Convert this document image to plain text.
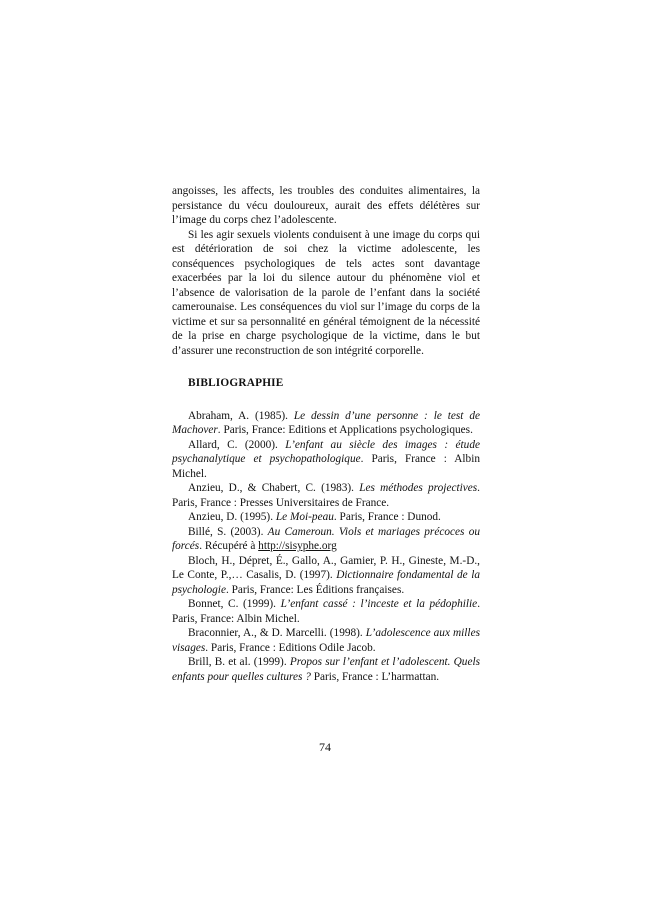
angoisses, les affects, les troubles des conduites alimentaires, la persistance du vécu douloureux, aurait des effets délétères sur l’image du corps chez l’adolescente.

Si les agir sexuels violents conduisent à une image du corps qui est détérioration de soi chez la victime adolescente, les conséquences psychologiques de tels actes sont davantage exacerbées par la loi du silence autour du phénomène viol et l’absence de valorisation de la parole de l’enfant dans la société camerounaise. Les conséquences du viol sur l’image du corps de la victime et sur sa personnalité en général témoignent de la nécessité de la prise en charge psychologique de la victime, dans le but d’assurer une reconstruction de son intégrité corporelle.

BIBLIOGRAPHIE

Abraham, A. (1985). Le dessin d’une personne : le test de Machover. Paris, France: Editions et Applications psychologiques.

Allard, C. (2000). L’enfant au siècle des images : étude psychanalytique et psychopathologique. Paris, France : Albin Michel.

Anzieu, D., & Chabert, C. (1983). Les méthodes projectives. Paris, France : Presses Universitaires de France.

Anzieu, D. (1995). Le Moi-peau. Paris, France : Dunod.

Billé, S. (2003). Au Cameroun. Viols et mariages précoces ou forcés. Récupéré à http://sisyphe.org

Bloch, H., Dépret, É., Gallo, A., Gamier, P. H., Gineste, M.-D., Le Conte, P.,… Casalis, D. (1997). Dictionnaire fondamental de la psychologie. Paris, France: Les Éditions françaises.

Bonnet, C. (1999). L’enfant cassé : l’inceste et la pédophilie. Paris, France: Albin Michel.

Braconnier, A., & D. Marcelli. (1998). L’adolescence aux milles visages. Paris, France : Editions Odile Jacob.

Brill, B. et al. (1999). Propos sur l’enfant et l’adolescent. Quels enfants pour quelles cultures ? Paris, France : L’harmattan.

74
